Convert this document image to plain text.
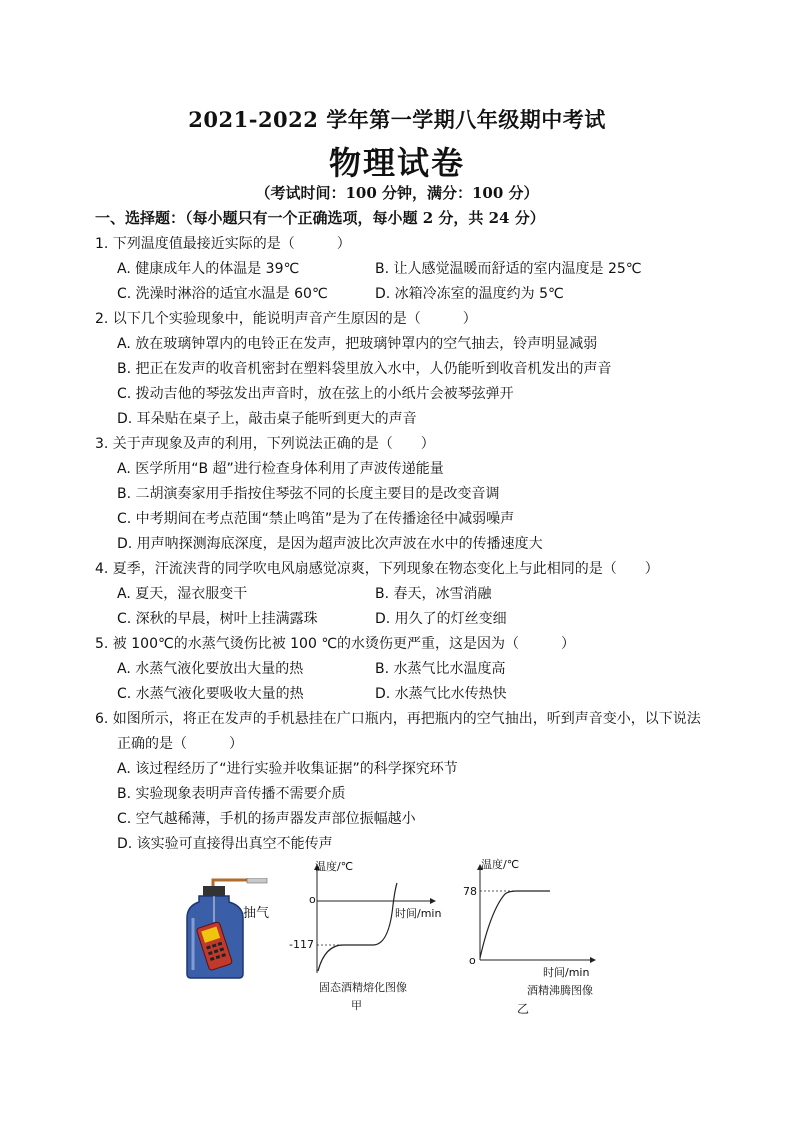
2021-2022 学年第一学期八年级期中考试
物理试卷
（考试时间：100 分钟，满分：100 分）
一、选择题：（每小题只有一个正确选项，每小题 2 分，共 24 分）
1. 下列温度值最接近实际的是（　　　）
A. 健康成年人的体温是 39℃	B. 让人感觉温暖而舒适的室内温度是 25℃
C. 洗澡时淋浴的适宜水温是 60℃	D. 冰箱冷冻室的温度约为 5℃
2. 以下几个实验现象中，能说明声音产生原因的是（　　　）
A. 放在玻璃钟罩内的电铃正在发声，把玻璃钟罩内的空气抽去，铃声明显减弱
B. 把正在发声的收音机密封在塑料袋里放入水中，人仍能听到收音机发出的声音
C. 拨动吉他的琴弦发出声音时，放在弦上的小纸片会被琴弦弹开
D. 耳朵贴在桌子上，敲击桌子能听到更大的声音
3. 关于声现象及声的利用，下列说法正确的是（　　）
A. 医学所用“B 超”进行检查身体利用了声波传递能量
B. 二胡演奏家用手指按住琴弦不同的长度主要目的是改变音调
C. 中考期间在考点范围“禁止鸣笛”是为了在传播途径中减弱噪声
D. 用声呐探测海底深度，是因为超声波比次声波在水中的传播速度大
4. 夏季，汗流浃背的同学吹电风扇感觉凉爽，下列现象在物态变化上与此相同的是（　　）
A. 夏天，湿衣服变干	B. 春天，冰雪消融
C. 深秋的早晨，树叶上挂满露珠	D. 用久了的灯丝变细
5. 被 100℃的水蒸气烫伤比被 100 ℃的水烫伤更严重，这是因为（　　　）
A. 水蒸气液化要放出大量的热	B. 水蒸气比水温度高
C. 水蒸气液化要吸收大量的热	D. 水蒸气比水传热快
6. 如图所示，将正在发声的手机悬挂在广口瓶内，再把瓶内的空气抽出，听到声音变小，以下说法
正确的是（　　　）
A. 该过程经历了“进行实验并收集证据”的科学探究环节
B. 实验现象表明声音传播不需要介质
C. 空气越稀薄，手机的扬声器发声部位振幅越小
D. 该实验可直接得出真空不能传声
抽气
温度/℃
时间/min
o
-117
固态酒精熔化图像
甲
温度/℃
时间/min
o
78
酒精沸腾图像
乙
